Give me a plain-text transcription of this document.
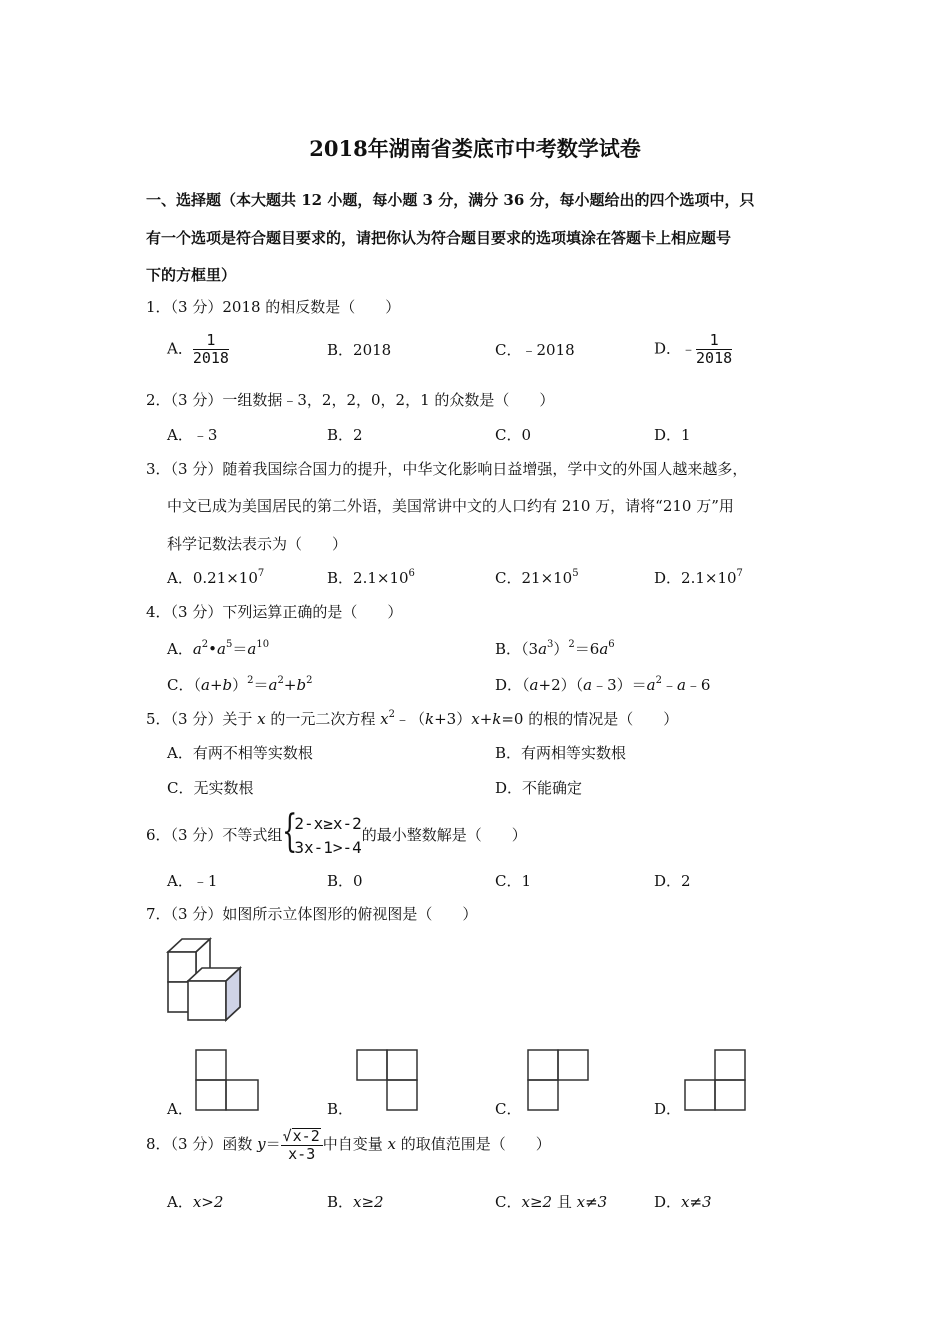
2018年湖南省娄底市中考数学试卷
一、选择题（本大题共 12 小题，每小题 3 分，满分 36 分，每小题给出的四个选项中，只
有一个选项是符合题目要求的，请把你认为符合题目要求的选项填涂在答题卡上相应题号
下的方框里）
1．（3 分）2018 的相反数是（　　）
A． $\frac{1}{2018}$	B．2018	C．﹣2018	D．﹣ $\frac{1}{2018}$
2．（3 分）一组数据﹣3，2，2，0，2，1 的众数是（　　）
A．﹣3	B．2	C．0	D．1
3．（3 分）随着我国综合国力的提升，中华文化影响日益增强，学中文的外国人越来越多，
中文已成为美国居民的第二外语，美国常讲中文的人口约有 210 万，请将“210 万”用
科学记数法表示为（　　）
A．$0.21\times 10^7$	B．$2.1\times 10^6$	C．$21\times 10^5$	D．$2.1\times 10^7$
4．（3 分）下列运算正确的是（　　）
A．$a^2•a^5=a^{10}$	B．$(3a^3)^2=6a^6$
C．$(a+b)^2=a^2+b^2$	D．$(a+2)(a﹣3)=a^2﹣a﹣6$
5．（3 分）关于 x 的一元二次方程 $x^2﹣(k+3)x+k=0$ 的根的情况是（　　）
A．有两不相等实数根	B．有两相等实数根
C．无实数根	D．不能确定
6．（3 分）不等式组 {
2-x≥x-2
3x-1>-4
的最小整数解是（　　）
A．﹣1	B．0	C．1	D．2
7．（3 分）如图所示立体图形的俯视图是（　　）
A．	B．	C．	D．
8．（3 分）函数 $y= \frac{√x-2}{x-3}$ 中自变量 x 的取值范围是（　　）
A．x>2	B．x≥2	C．x≥2 且 x≠3	D．x≠3
